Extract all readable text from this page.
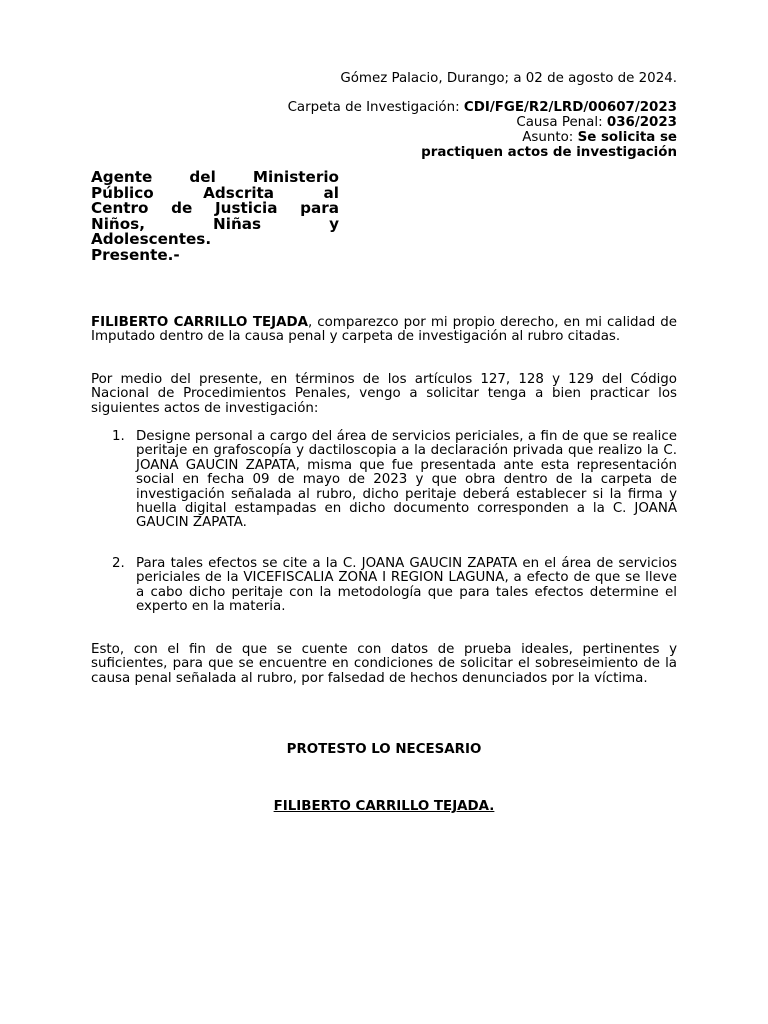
Gómez Palacio, Durango; a 02 de agosto de 2024.
Carpeta de Investigación: CDI/FGE/R2/LRD/00607/2023
Causa Penal: 036/2023
Asunto: Se solicita se
practiquen actos de investigación
Agente del Ministerio
Público Adscrita al
Centro de Justicia para
Niños, Niñas y
Adolescentes.
Presente.-

FILIBERTO CARRILLO TEJADA, comparezco por mi propio derecho, en mi calidad de Imputado dentro de la causa penal y carpeta de investigación al rubro citadas.

Por medio del presente, en términos de los artículos 127, 128 y 129 del Código Nacional de Procedimientos Penales, vengo a solicitar tenga a bien practicar los siguientes actos de investigación:

1. Designe personal a cargo del área de servicios periciales, a fin de que se realice peritaje en grafoscopía y dactiloscopia a la declaración privada que realizo la C. JOANA GAUCIN ZAPATA, misma que fue presentada ante esta representación social en fecha 09 de mayo de 2023 y que obra dentro de la carpeta de investigación señalada al rubro, dicho peritaje deberá establecer si la firma y huella digital estampadas en dicho documento corresponden a la C. JOANA GAUCIN ZAPATA.
2. Para tales efectos se cite a la C. JOANA GAUCIN ZAPATA en el área de servicios periciales de la VICEFISCALIA ZONA I REGION LAGUNA, a efecto de que se lleve a cabo dicho peritaje con la metodología que para tales efectos determine el experto en la materia.

Esto, con el fin de que se cuente con datos de prueba ideales, pertinentes y suficientes, para que se encuentre en condiciones de solicitar el sobreseimiento de la causa penal señalada al rubro, por falsedad de hechos denunciados por la víctima.

PROTESTO LO NECESARIO
FILIBERTO CARRILLO TEJADA.
